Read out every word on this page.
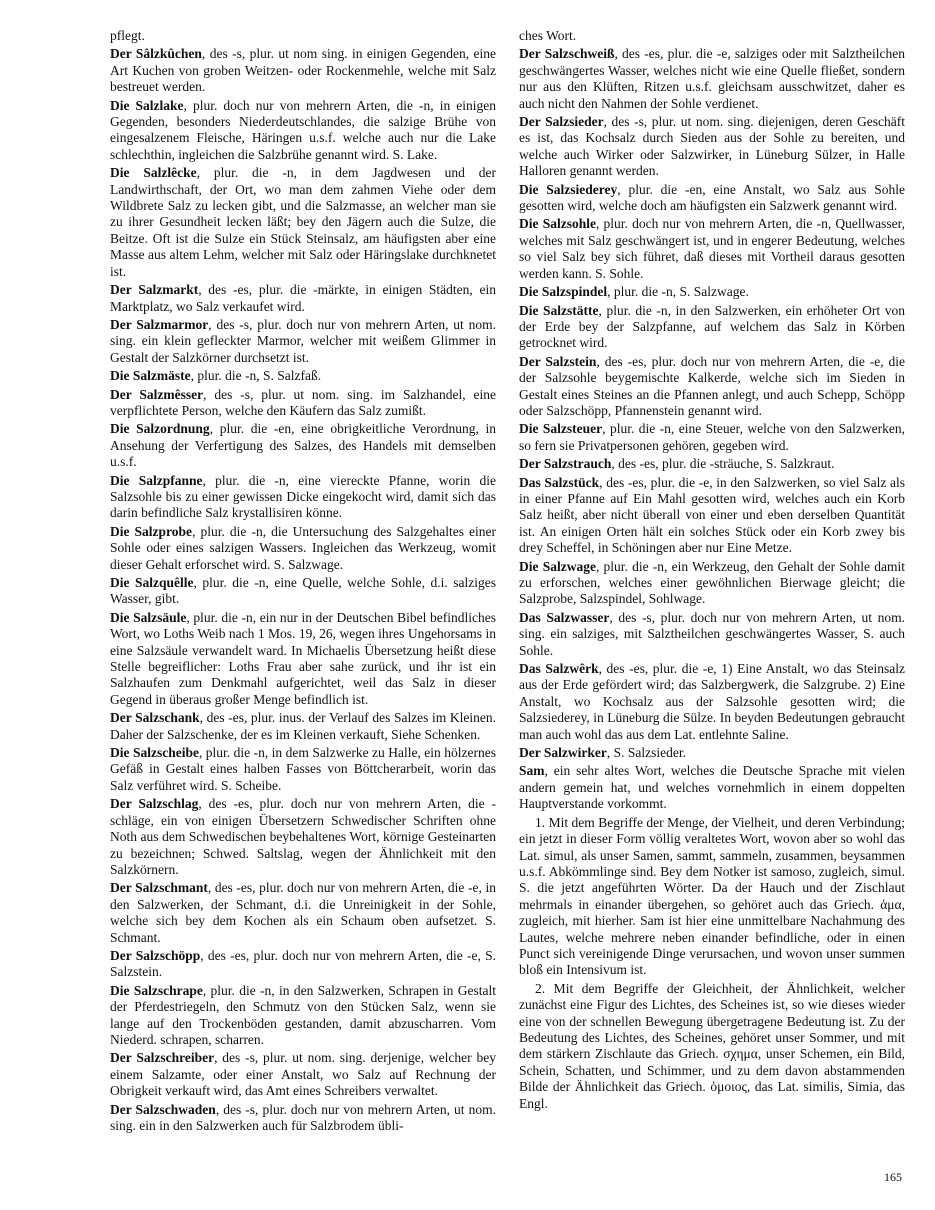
pflegt.
Der Sâlzkûchen, des -s, plur. ut nom sing. in einigen Gegenden, eine Art Kuchen von groben Weitzen- oder Rockenmehle, welche mit Salz bestreuet werden.
Die Salzlake, plur. doch nur von mehrern Arten, die -n, in einigen Gegenden, besonders Niederdeutschlandes, die salzige Brühe von eingesalzenem Fleische, Häringen u.s.f. welche auch nur die Lake schlechthin, ingleichen die Salzbrühe genannt wird. S. Lake.
Die Salzlêcke, plur. die -n, in dem Jagdwesen und der Landwirthschaft, der Ort, wo man dem zahmen Viehe oder dem Wildbrete Salz zu lecken gibt, und die Salzmasse, an welcher man sie zu ihrer Gesundheit lecken läßt; bey den Jägern auch die Sulze, die Beitze. Oft ist die Sulze ein Stück Steinsalz, am häufigsten aber eine Masse aus altem Lehm, welcher mit Salz oder Häringslake durchknetet ist.
Der Salzmarkt, des -es, plur. die -märkte, in einigen Städten, ein Marktplatz, wo Salz verkaufet wird.
Der Salzmarmor, des -s, plur. doch nur von mehrern Arten, ut nom. sing. ein klein gefleckter Marmor, welcher mit weißem Glimmer in Gestalt der Salzkörner durchsetzt ist.
Die Salzmäste, plur. die -n, S. Salzfaß.
Der Salzmêsser, des -s, plur. ut nom. sing. im Salzhandel, eine verpflichtete Person, welche den Käufern das Salz zumißt.
Die Salzordnung, plur. die -en, eine obrigkeitliche Verordnung, in Ansehung der Verfertigung des Salzes, des Handels mit demselben u.s.f.
Die Salzpfanne, plur. die -n, eine viereckte Pfanne, worin die Salzsohle bis zu einer gewissen Dicke eingekocht wird, damit sich das darin befindliche Salz krystallisiren könne.
Die Salzprobe, plur. die -n, die Untersuchung des Salzgehaltes einer Sohle oder eines salzigen Wassers. Ingleichen das Werkzeug, womit dieser Gehalt erforschet wird. S. Salzwage.
Die Salzquêlle, plur. die -n, eine Quelle, welche Sohle, d.i. salziges Wasser, gibt.
Die Salzsäule, plur. die -n, ein nur in der Deutschen Bibel befindliches Wort, wo Loths Weib nach 1 Mos. 19, 26, wegen ihres Ungehorsams in eine Salzsäule verwandelt ward. In Michaelis Übersetzung heißt diese Stelle begreiflicher: Loths Frau aber sahe zurück, und ihr ist ein Salzhaufen zum Denkmahl aufgerichtet, weil das Salz in dieser Gegend in überaus großer Menge befindlich ist.
Der Salzschank, des -es, plur. inus. der Verlauf des Salzes im Kleinen. Daher der Salzschenke, der es im Kleinen verkauft, Siehe Schenken.
Die Salzscheibe, plur. die -n, in dem Salzwerke zu Halle, ein hölzernes Gefäß in Gestalt eines halben Fasses von Böttcherarbeit, worin das Salz verführet wird. S. Scheibe.
Der Salzschlag, des -es, plur. doch nur von mehrern Arten, die -schläge, ein von einigen Übersetzern Schwedischer Schriften ohne Noth aus dem Schwedischen beybehaltenes Wort, körnige Gesteinarten zu bezeichnen; Schwed. Saltslag, wegen der Ähnlichkeit mit den Salzkörnern.
Der Salzschmant, des -es, plur. doch nur von mehrern Arten, die -e, in den Salzwerken, der Schmant, d.i. die Unreinigkeit in der Sohle, welche sich bey dem Kochen als ein Schaum oben aufsetzet. S. Schmant.
Der Salzschöpp, des -es, plur. doch nur von mehrern Arten, die -e, S. Salzstein.
Die Salzschrape, plur. die -n, in den Salzwerken, Schrapen in Gestalt der Pferdestriegeln, den Schmutz von den Stücken Salz, wenn sie lange auf den Trockenböden gestanden, damit abzuscharren. Vom Niederd. schrapen, scharren.
Der Salzschreiber, des -s, plur. ut nom. sing. derjenige, welcher bey einem Salzamte, oder einer Anstalt, wo Salz auf Rechnung der Obrigkeit verkauft wird, das Amt eines Schreibers verwaltet.
Der Salzschwaden, des -s, plur. doch nur von mehrern Arten, ut nom. sing. ein in den Salzwerken auch für Salzbrodem übli-
ches Wort.
Der Salzschweiß, des -es, plur. die -e, salziges oder mit Salztheilchen geschwängertes Wasser, welches nicht wie eine Quelle fließet, sondern nur aus den Klüften, Ritzen u.s.f. gleichsam ausschwitzet, daher es auch nicht den Nahmen der Sohle verdienet.
Der Salzsieder, des -s, plur. ut nom. sing. diejenigen, deren Geschäft es ist, das Kochsalz durch Sieden aus der Sohle zu bereiten, und welche auch Wirker oder Salzwirker, in Lüneburg Sülzer, in Halle Halloren genannt werden.
Die Salzsiederey, plur. die -en, eine Anstalt, wo Salz aus Sohle gesotten wird, welche doch am häufigsten ein Salzwerk genannt wird.
Die Salzsohle, plur. doch nur von mehrern Arten, die -n, Quellwasser, welches mit Salz geschwängert ist, und in engerer Bedeutung, welches so viel Salz bey sich führet, daß dieses mit Vortheil daraus gesotten werden kann. S. Sohle.
Die Salzspindel, plur. die -n, S. Salzwage.
Die Salzstätte, plur. die -n, in den Salzwerken, ein erhöheter Ort von der Erde bey der Salzpfanne, auf welchem das Salz in Körben getrocknet wird.
Der Salzstein, des -es, plur. doch nur von mehrern Arten, die -e, die der Salzsohle beygemischte Kalkerde, welche sich im Sieden in Gestalt eines Steines an die Pfannen anlegt, und auch Schepp, Schöpp oder Salzschöpp, Pfannenstein genannt wird.
Die Salzsteuer, plur. die -n, eine Steuer, welche von den Salzwerken, so fern sie Privatpersonen gehören, gegeben wird.
Der Salzstrauch, des -es, plur. die -sträuche, S. Salzkraut.
Das Salzstück, des -es, plur. die -e, in den Salzwerken, so viel Salz als in einer Pfanne auf Ein Mahl gesotten wird, welches auch ein Korb Salz heißt, aber nicht überall von einer und eben derselben Quantität ist. An einigen Orten hält ein solches Stück oder ein Korb zwey bis drey Scheffel, in Schöningen aber nur Eine Metze.
Die Salzwage, plur. die -n, ein Werkzeug, den Gehalt der Sohle damit zu erforschen, welches einer gewöhnlichen Bierwage gleicht; die Salzprobe, Salzspindel, Sohlwage.
Das Salzwasser, des -s, plur. doch nur von mehrern Arten, ut nom. sing. ein salziges, mit Salztheilchen geschwängertes Wasser, S. auch Sohle.
Das Salzwêrk, des -es, plur. die -e, 1) Eine Anstalt, wo das Steinsalz aus der Erde gefördert wird; das Salzbergwerk, die Salzgrube. 2) Eine Anstalt, wo Kochsalz aus der Salzsohle gesotten wird; die Salzsiederey, in Lüneburg die Sülze. In beyden Bedeutungen gebraucht man auch wohl das aus dem Lat. entlehnte Saline.
Der Salzwirker, S. Salzsieder.
Sam, ein sehr altes Wort, welches die Deutsche Sprache mit vielen andern gemein hat, und welches vornehmlich in einem doppelten Hauptverstande vorkommt.
1. Mit dem Begriffe der Menge, der Vielheit, und deren Verbindung; ein jetzt in dieser Form völlig veraltetes Wort, wovon aber so wohl das Lat. simul, als unser Samen, sammt, sammeln, zusammen, beysammen u.s.f. Abkömmlinge sind. Bey dem Notker ist samoso, zugleich, simul. S. die jetzt angeführten Wörter. Da der Hauch und der Zischlaut mehrmals in einander übergehen, so gehöret auch das Griech. ἁμα, zugleich, mit hierher. Sam ist hier eine unmittelbare Nachahmung des Lautes, welche mehrere neben einander befindliche, oder in einen Punct sich vereinigende Dinge verursachen, und wovon unser summen bloß ein Intensivum ist.
2. Mit dem Begriffe der Gleichheit, der Ähnlichkeit, welcher zunächst eine Figur des Lichtes, des Scheines ist, so wie dieses wieder eine von der schnellen Bewegung übergetragene Bedeutung ist. Zu der Bedeutung des Lichtes, des Scheines, gehöret unser Sommer, und mit dem stärkern Zischlaute das Griech. σχημα, unser Schemen, ein Bild, Schein, Schatten, und Schimmer, und zu dem davon abstammenden Bilde der Ähnlichkeit das Griech. ὁμοιος, das Lat. similis, Simia, das Engl.
165
